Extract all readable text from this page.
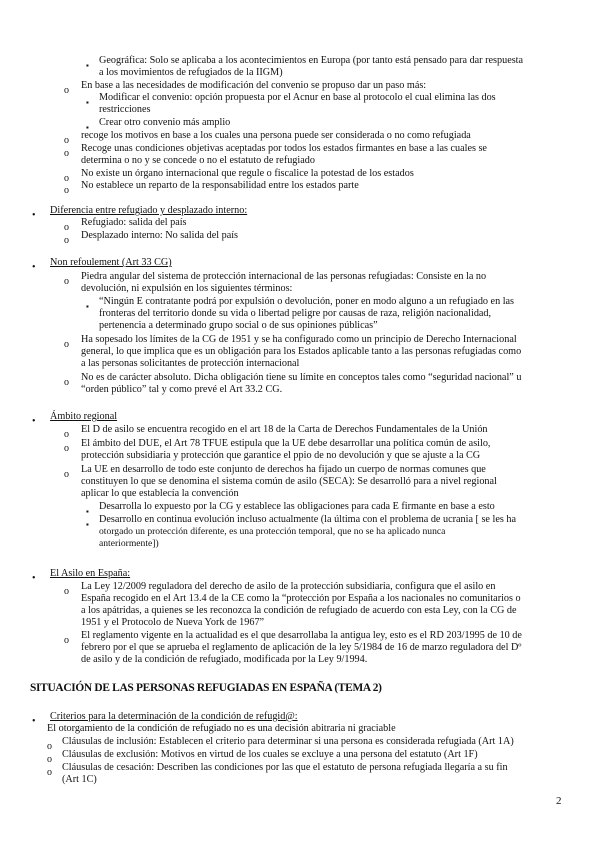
SITUACIÓN DE LAS PERSONAS REFUGIADAS EN ESPAÑA (TEMA 2)
2
▪ Geográfica: Solo se aplicaba a los acontecimientos en Europa (por tanto está pensado para dar respuesta
a los movimientos de refugiados de la IIGM)
o En base a las necesidades de modificación del convenio se propuso dar un paso más:
▪ Modificar el convenio: opción propuesta por el Acnur en base al protocolo el cual elimina las dos
restricciones
▪ Crear otro convenio más amplio
o recoge los motivos en base a los cuales una persona puede ser considerada o no como refugiada
o Recoge unas condiciones objetivas aceptadas por todos los estados firmantes en base a las cuales se
determina o no y se concede o no el estatuto de refugiado
o No existe un órgano internacional que regule o fiscalice la potestad de los estados
o No establece un reparto de la responsabilidad entre los estados parte
• Diferencia entre refugiado y desplazado interno:
o Refugiado: salida del país
o Desplazado interno: No salida del país
• Non refoulement (Art 33 CG)
o Piedra angular del sistema de protección internacional de las personas refugiadas: Consiste en la no
devolución, ni expulsión en los siguientes términos:
▪ “Ningún E contratante podrá por expulsión o devolución, poner en modo alguno a un refugiado en las
fronteras del territorio donde su vida o libertad peligre por causas de raza, religión nacionalidad,
pertenencia a determinado grupo social o de sus opiniones públicas”
o Ha sopesado los límites de la CG de 1951 y se ha configurado como un principio de Derecho Internacional
general, lo que implica que es un obligación para los Estados aplicable tanto a las personas refugiadas como
a las personas solicitantes de protección internacional
o No es de carácter absoluto. Dicha obligación tiene su límite en conceptos tales como “seguridad nacional” u
“orden público” tal y como prevé el Art 33.2 CG.
• Ámbito regional
o El D de asilo se encuentra recogido en el art 18 de la Carta de Derechos Fundamentales de la Unión
o El ámbito del DUE, el Art 78 TFUE estipula que la UE debe desarrollar una política común de asilo,
protección subsidiaria y protección que garantice el ppio de no devolución y que se ajuste a la CG
o La UE en desarrollo de todo este conjunto de derechos ha fijado un cuerpo de normas comunes que
constituyen lo que se denomina el sistema común de asilo (SECA): Se desarrolló para a nivel regional
aplicar lo que establecía la convención
▪ Desarrolla lo expuesto por la CG y establece las obligaciones para cada E firmante en base a esto
▪ Desarrollo en continua evolución incluso actualmente (la última con el problema de ucrania [ se les ha
otorgado un protección diferente, es una protección temporal, que no se ha aplicado nunca
anteriormente])
• El Asilo en España:
o La Ley 12/2009 reguladora del derecho de asilo de la protección subsidiaria, configura que el asilo en
España recogido en el Art 13.4 de la CE como la “protección por España a los nacionales no comunitarios o
a los apátridas, a quienes se les reconozca la condición de refugiado de acuerdo con esta Ley, con la CG de
1951 y el Protocolo de Nueva York de 1967”
o El reglamento vigente en la actualidad es el que desarrollaba la antigua ley, esto es el RD 203/1995 de 10 de
febrero por el que se aprueba el reglamento de aplicación de la ley 5/1984 de 16 de marzo reguladora del Dº
de asilo y de la condición de refugiado, modificada por la Ley 9/1994.
• Criterios para la determinación de la condición de refugid@:
El otorgamiento de la condición de refugiado no es una decisión abitraria ni graciable
o Cláusulas de inclusión: Establecen el criterio para determinar si una persona es considerada refugiada (Art 1A)
o Cláusulas de exclusión: Motivos en virtud de los cuales se excluye a una persona del estatuto (Art 1F)
o Cláusulas de cesación: Describen las condiciones por las que el estatuto de persona refugiada llegaría a su fin
(Art 1C)
